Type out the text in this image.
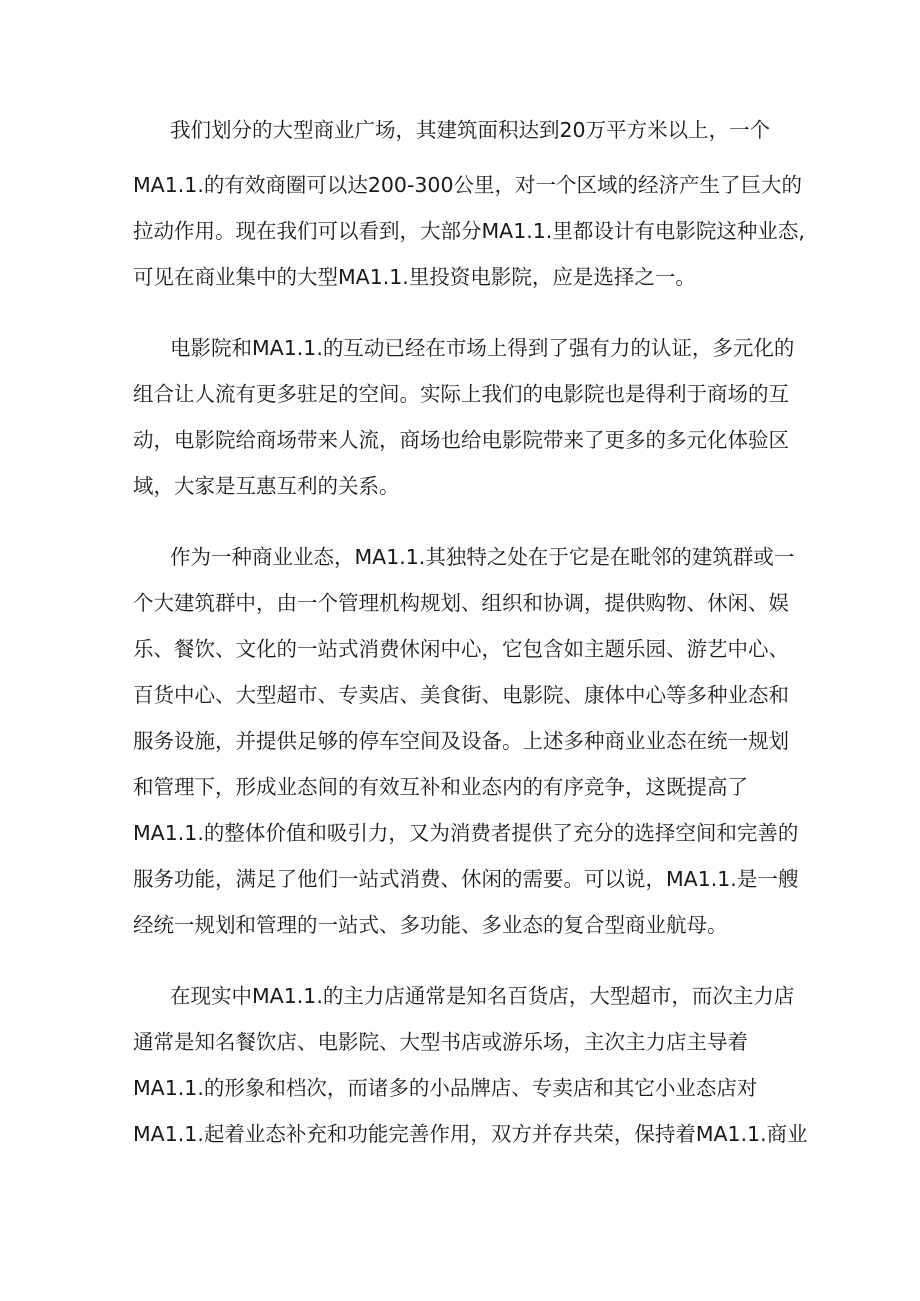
我们划分的大型商业广场，其建筑面积达到20万平方米以上，一个
MA1.1.的有效商圈可以达200-300公里，对一个区域的经济产生了巨大的
拉动作用。现在我们可以看到，大部分MA1.1.里都设计有电影院这种业态,
可见在商业集中的大型MA1.1.里投资电影院，应是选择之一。
电影院和MA1.1.的互动已经在市场上得到了强有力的认证，多元化的
组合让人流有更多驻足的空间。实际上我们的电影院也是得利于商场的互
动，电影院给商场带来人流，商场也给电影院带来了更多的多元化体验区
域，大家是互惠互利的关系。
作为一种商业业态，MA1.1.其独特之处在于它是在毗邻的建筑群或一
个大建筑群中，由一个管理机构规划、组织和协调，提供购物、休闲、娱
乐、餐饮、文化的一站式消费休闲中心，它包含如主题乐园、游艺中心、
百货中心、大型超市、专卖店、美食街、电影院、康体中心等多种业态和
服务设施，并提供足够的停车空间及设备。上述多种商业业态在统一规划
和管理下，形成业态间的有效互补和业态内的有序竞争，这既提高了
MA1.1.的整体价值和吸引力，又为消费者提供了充分的选择空间和完善的
服务功能，满足了他们一站式消费、休闲的需要。可以说，MA1.1.是一艘
经统一规划和管理的一站式、多功能、多业态的复合型商业航母。
在现实中MA1.1.的主力店通常是知名百货店，大型超市，而次主力店
通常是知名餐饮店、电影院、大型书店或游乐场，主次主力店主导着
MA1.1.的形象和档次，而诸多的小品牌店、专卖店和其它小业态店对
MA1.1.起着业态补充和功能完善作用，双方并存共荣，保持着MA1.1.商业
